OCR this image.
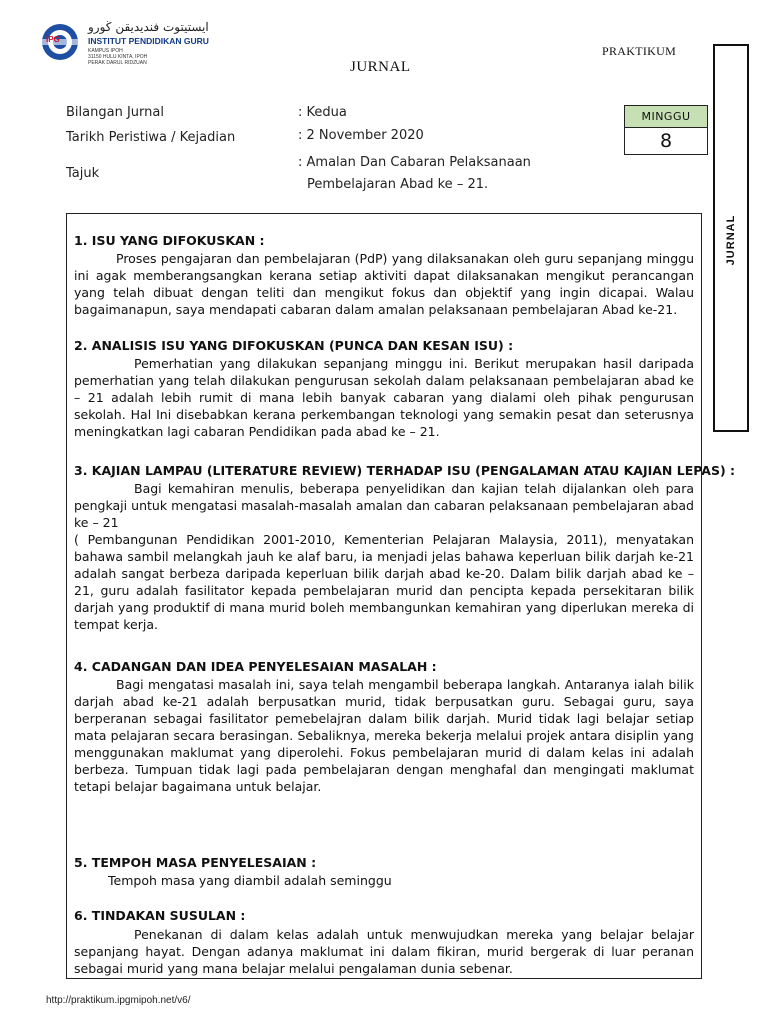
IPG
ايستيتوت فنديديقن ڬورو
INSTITUT PENDIDIKAN GURU
KAMPUS IPOH
31150 HULU KINTA, IPOH
PERAK DARUL RIDZUAN
PRAKTIKUM
JURNAL
JURNAL
Bilangan Jurnal	: Kedua
Tarikh Peristiwa / Kejadian	: 2 November 2020
Tajuk
: Amalan Dan Cabaran Pelaksanaan
Pembelajaran Abad ke – 21.
MINGGU
8
1. ISU YANG DIFOKUSKAN :

Proses pengajaran dan pembelajaran (PdP) yang dilaksanakan oleh guru sepanjang minggu ini agak memberangsangkan kerana setiap aktiviti dapat dilaksanakan mengikut perancangan yang telah dibuat dengan teliti dan mengikut fokus dan objektif yang ingin dicapai. Walau bagaimanapun, saya mendapati cabaran dalam amalan pelaksanaan pembelajaran Abad ke-21.

2. ANALISIS ISU YANG DIFOKUSKAN (PUNCA DAN KESAN ISU) :

Pemerhatian yang dilakukan sepanjang minggu ini. Berikut merupakan hasil daripada pemerhatian yang telah dilakukan pengurusan sekolah dalam pelaksanaan pembelajaran abad ke – 21 adalah lebih rumit di mana lebih banyak cabaran yang dialami oleh pihak pengurusan sekolah. Hal Ini disebabkan kerana perkembangan teknologi yang semakin pesat dan seterusnya meningkatkan lagi cabaran Pendidikan pada abad ke – 21.

3. KAJIAN LAMPAU (LITERATURE REVIEW) TERHADAP ISU (PENGALAMAN ATAU KAJIAN LEPAS) :

Bagi kemahiran menulis, beberapa penyelidikan dan kajian telah dijalankan oleh para pengkaji untuk mengatasi masalah-masalah amalan dan cabaran pelaksanaan pembelajaran abad ke – 21

( Pembangunan Pendidikan 2001-2010, Kementerian Pelajaran Malaysia, 2011), menyatakan bahawa sambil melangkah jauh ke alaf baru, ia menjadi jelas bahawa keperluan bilik darjah ke-21 adalah sangat berbeza daripada keperluan bilik darjah abad ke-20. Dalam bilik darjah abad ke – 21, guru adalah fasilitator kepada pembelajaran murid dan pencipta kepada persekitaran bilik darjah yang produktif di mana murid boleh membangunkan kemahiran yang diperlukan mereka di tempat kerja.

4. CADANGAN DAN IDEA PENYELESAIAN MASALAH :

Bagi mengatasi masalah ini, saya telah mengambil beberapa langkah. Antaranya ialah bilik darjah abad ke-21 adalah berpusatkan murid, tidak berpusatkan guru. Sebagai guru, saya berperanan sebagai fasilitator pemebelajran dalam bilik darjah. Murid tidak lagi belajar setiap mata pelajaran secara berasingan. Sebaliknya, mereka bekerja melalui projek antara disiplin yang menggunakan maklumat yang diperolehi. Fokus pembelajaran murid di dalam kelas ini adalah berbeza. Tumpuan tidak lagi pada pembelajaran dengan menghafal dan mengingati maklumat tetapi belajar bagaimana untuk belajar.

5. TEMPOH MASA PENYELESAIAN :
Tempoh masa yang diambil adalah seminggu
6. TINDAKAN SUSULAN :

Penekanan di dalam kelas adalah untuk menwujudkan mereka yang belajar belajar sepanjang hayat. Dengan adanya maklumat ini dalam fikiran, murid bergerak di luar peranan sebagai murid yang mana belajar melalui pengalaman dunia sebenar.

http://praktikum.ipgmipoh.net/v6/
